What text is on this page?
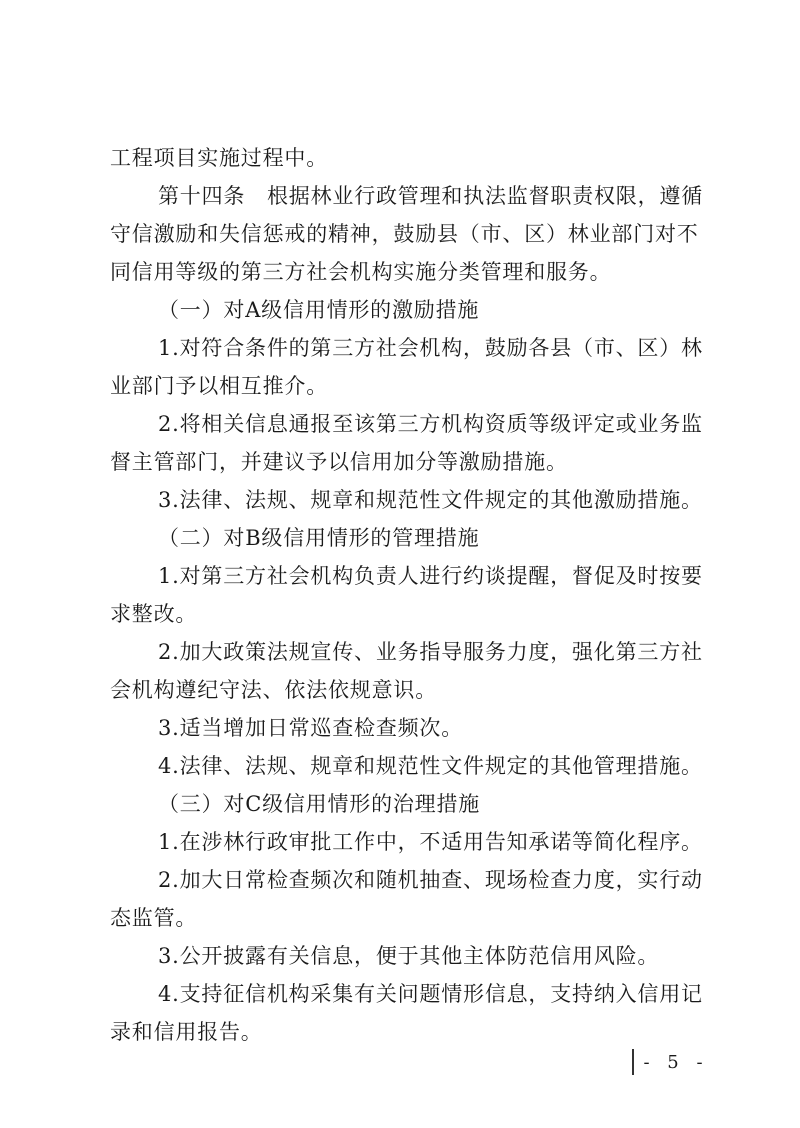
工程项目实施过程中。
第十四条　根据林业行政管理和执法监督职责权限，遵循
守信激励和失信惩戒的精神，鼓励县（市、区）林业部门对不
同信用等级的第三方社会机构实施分类管理和服务。
（一）对A级信用情形的激励措施
1.对符合条件的第三方社会机构，鼓励各县（市、区）林
业部门予以相互推介。
2.将相关信息通报至该第三方机构资质等级评定或业务监
督主管部门，并建议予以信用加分等激励措施。
3.法律、法规、规章和规范性文件规定的其他激励措施。
（二）对B级信用情形的管理措施
1.对第三方社会机构负责人进行约谈提醒，督促及时按要
求整改。
2.加大政策法规宣传、业务指导服务力度，强化第三方社
会机构遵纪守法、依法依规意识。
3.适当增加日常巡查检查频次。
4.法律、法规、规章和规范性文件规定的其他管理措施。
（三）对C级信用情形的治理措施
1.在涉林行政审批工作中，不适用告知承诺等简化程序。
2.加大日常检查频次和随机抽查、现场检查力度，实行动
态监管。
3.公开披露有关信息，便于其他主体防范信用风险。
4.支持征信机构采集有关问题情形信息，支持纳入信用记
录和信用报告。
- 5 -
